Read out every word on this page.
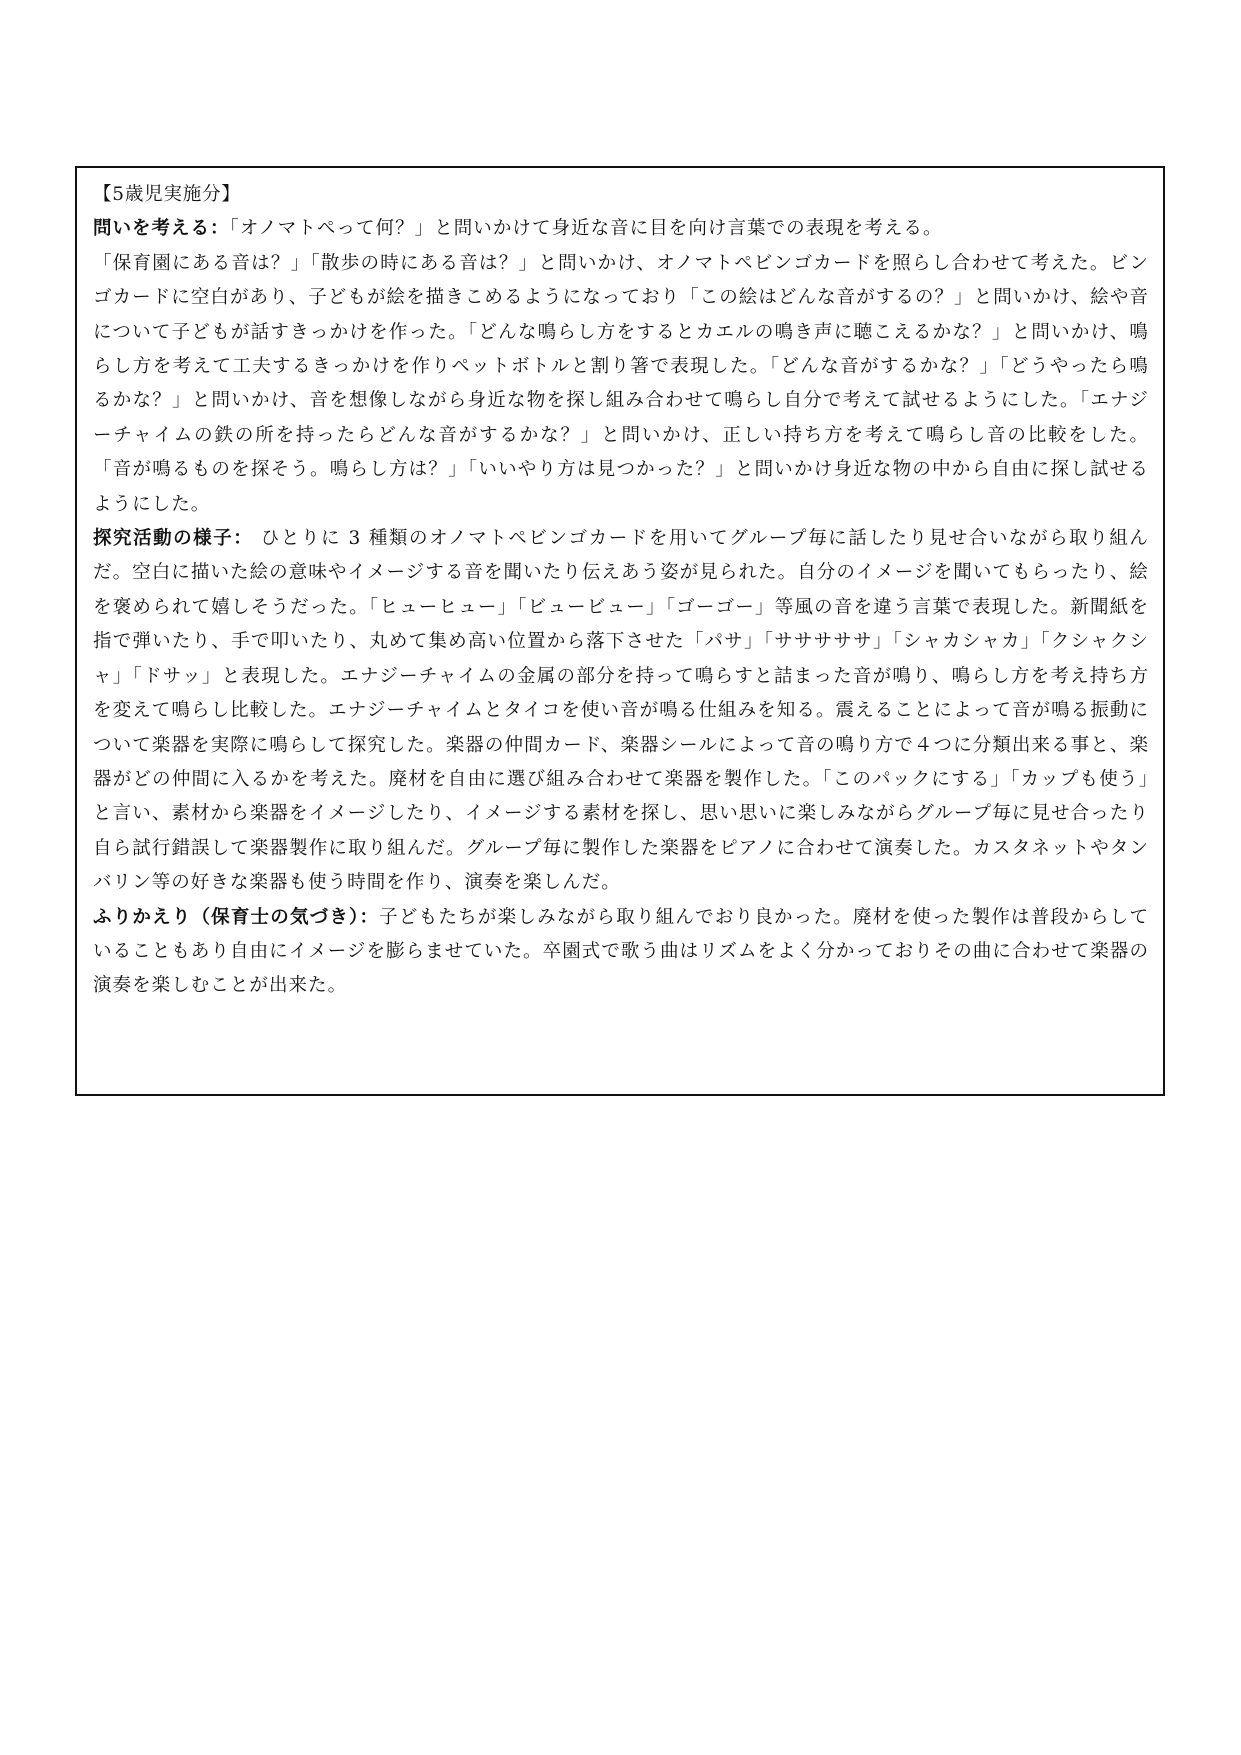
【5歳児実施分】

問いを考える：「オノマトペって何？」と問いかけて身近な音に目を向け言葉での表現を考える。

「保育園にある音は？」「散歩の時にある音は？」と問いかけ、オノマトペビンゴカードを照らし合わせて考えた。ビンゴカードに空白があり、子どもが絵を描きこめるようになっており「この絵はどんな音がするの？」と問いかけ、絵や音について子どもが話すきっかけを作った。「どんな鳴らし方をするとカエルの鳴き声に聴こえるかな？」と問いかけ、鳴らし方を考えて工夫するきっかけを作りペットボトルと割り箸で表現した。「どんな音がするかな？」「どうやったら鳴るかな？」と問いかけ、音を想像しながら身近な物を探し組み合わせて鳴らし自分で考えて試せるようにした。「エナジーチャイムの鉄の所を持ったらどんな音がするかな？」と問いかけ、正しい持ち方を考えて鳴らし音の比較をした。 「音が鳴るものを探そう。鳴らし方は？」「いいやり方は見つかった？」と問いかけ身近な物の中から自由に探し試せるようにした。

探究活動の様子： ひとりに 3 種類のオノマトペビンゴカードを用いてグループ毎に話したり見せ合いながら取り組んだ。空白に描いた絵の意味やイメージする音を聞いたり伝えあう姿が見られた。自分のイメージを聞いてもらったり、絵を褒められて嬉しそうだった。「ヒューヒュー」「ビュービュー」「ゴーゴー」等風の音を違う言葉で表現した。新聞紙を指で弾いたり、手で叩いたり、丸めて集め高い位置から落下させた「パサ」「サササササ」「シャカシャカ」「クシャクシャ」「ドサッ」と表現した。エナジーチャイムの金属の部分を持って鳴らすと詰まった音が鳴り、鳴らし方を考え持ち方を変えて鳴らし比較した。エナジーチャイムとタイコを使い音が鳴る仕組みを知る。震えることによって音が鳴る振動について楽器を実際に鳴らして探究した。楽器の仲間カード、楽器シールによって音の鳴り方で４つに分類出来る事と、楽器がどの仲間に入るかを考えた。廃材を自由に選び組み合わせて楽器を製作した。「このパックにする」「カップも使う」と言い、素材から楽器をイメージしたり、イメージする素材を探し、思い思いに楽しみながらグループ毎に見せ合ったり自ら試行錯誤して楽器製作に取り組んだ。グループ毎に製作した楽器をピアノに合わせて演奏した。カスタネットやタンバリン等の好きな楽器も使う時間を作り、演奏を楽しんだ。

ふりかえり（保育士の気づき）：子どもたちが楽しみながら取り組んでおり良かった。廃材を使った製作は普段からしていることもあり自由にイメージを膨らませていた。卒園式で歌う曲はリズムをよく分かっておりその曲に合わせて楽器の演奏を楽しむことが出来た。
